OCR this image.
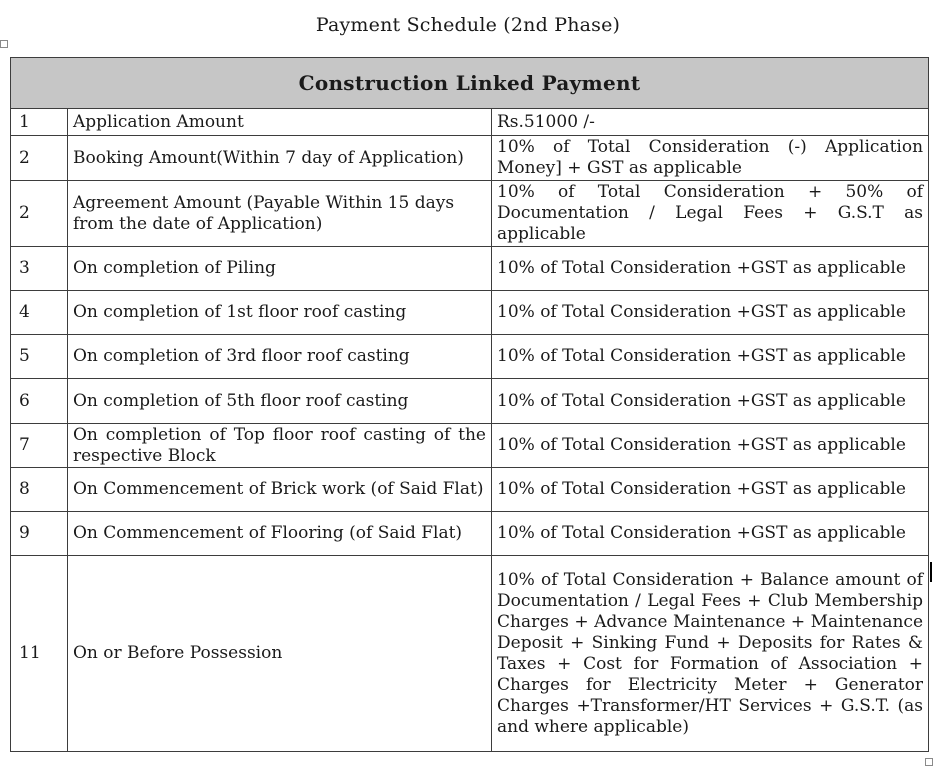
Payment Schedule (2nd Phase)
Construction Linked Payment		
1	Application Amount	Rs.51000 /-
2	Booking Amount(Within 7 day of Application)	10% of Total Consideration (-) Application Money] + GST as applicable
2	Agreement Amount (Payable Within 15 days from the date of Application)	10% of Total Consideration + 50% of Documentation / Legal Fees + G.S.T as applicable
3	On completion of Piling	10% of Total Consideration +GST as applicable
4	On completion of 1st floor roof casting	10% of Total Consideration +GST as applicable
5	On completion of 3rd floor roof casting	10% of Total Consideration +GST as applicable
6	On completion of 5th floor roof casting	10% of Total Consideration +GST as applicable
7	On completion of Top floor roof casting of the respective Block	10% of Total Consideration +GST as applicable
8	On Commencement of Brick work (of Said Flat)	10% of Total Consideration +GST as applicable
9	On Commencement of Flooring (of Said Flat)	10% of Total Consideration +GST as applicable
11	On or Before Possession	10% of Total Consideration + Balance amount of Documentation / Legal Fees + Club Membership Charges + Advance Maintenance + Maintenance Deposit + Sinking Fund + Deposits for Rates & Taxes + Cost for Formation of Association + Charges for Electricity Meter + Generator Charges +Transformer/HT Services + G.S.T. (as and where applicable)
